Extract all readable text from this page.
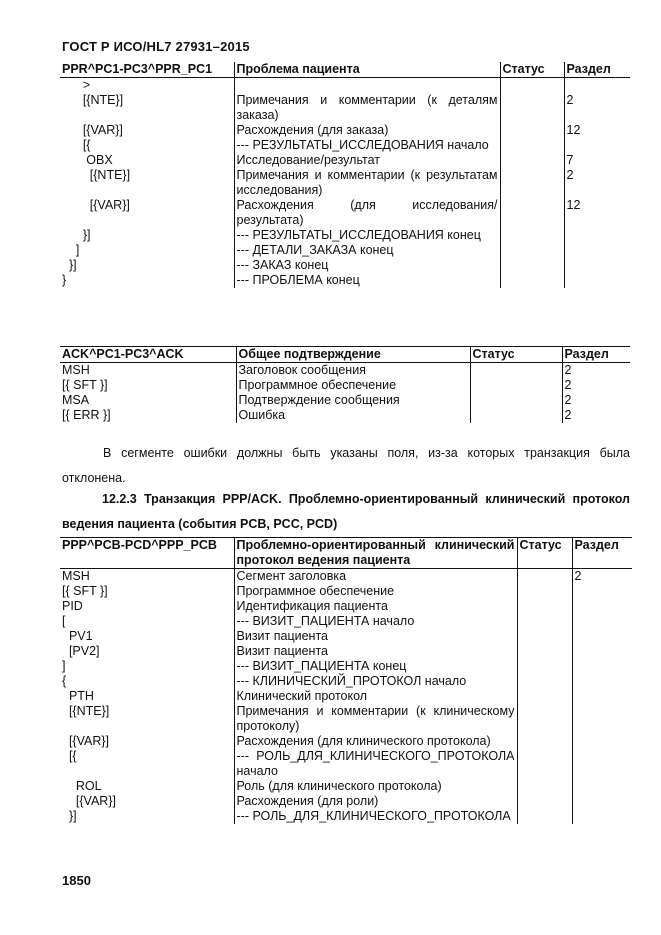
ГОСТ Р ИСО/HL7 27931–2015
PPR^PC1-PC3^PPR_PC1	Проблема пациента	Статус	Раздел
>			
[{NTE}]	Примечания и комментарии (к деталям заказа)		2
[{VAR}]	Расхождения (для заказа)		12
[{	--- РЕЗУЛЬТАТЫ_ИССЛЕДОВАНИЯ начало		
OBX	Исследование/результат		7
[{NTE}]	Примечания и комментарии (к результатам исследования)		2
[{VAR}]	Расхождения (для исследования/результата)		12
}]	--- РЕЗУЛЬТАТЫ_ИССЛЕДОВАНИЯ конец		
]	--- ДЕТАЛИ_ЗАКАЗА конец		
}]	--- ЗАКАЗ конец		
}	--- ПРОБЛЕМА конец		
ACK^PC1-PC3^ACK	Общее подтверждение	Статус	Раздел
MSH	Заголовок сообщения		2
[{ SFT }]	Программное обеспечение		2
MSA	Подтверждение сообщения		2
[{ ERR }]	Ошибка		2
В сегменте ошибки должны быть указаны поля, из-за которых транзакция была отклонена.
12.2.3 Транзакция PPP/ACK. Проблемно-ориентированный клинический протокол ведения пациента (события PCB, PCC, PCD)
PPP^PCB-PCD^PPP_PCB	Проблемно-ориентированный клинический протокол ведения пациента	Статус	Раздел
MSH	Сегмент заголовка		2
[{ SFT }]	Программное обеспечение		
PID	Идентификация пациента		
[	--- ВИЗИТ_ПАЦИЕНТА начало		
PV1	Визит пациента		
[PV2]	Визит пациента		
]	--- ВИЗИТ_ПАЦИЕНТА конец		
{	--- КЛИНИЧЕСКИЙ_ПРОТОКОЛ начало		
PTH	Клинический протокол		
[{NTE}]	Примечания и комментарии (к клиническому протоколу)		
[{VAR}]	Расхождения (для клинического протокола)		
[{	--- РОЛЬ_ДЛЯ_КЛИНИЧЕСКОГО_ПРОТОКОЛА начало		
ROL	Роль (для клинического протокола)		
[{VAR}]	Расхождения (для роли)		
}]	--- РОЛЬ_ДЛЯ_КЛИНИЧЕСКОГО_ПРОТОКОЛА		
1850
